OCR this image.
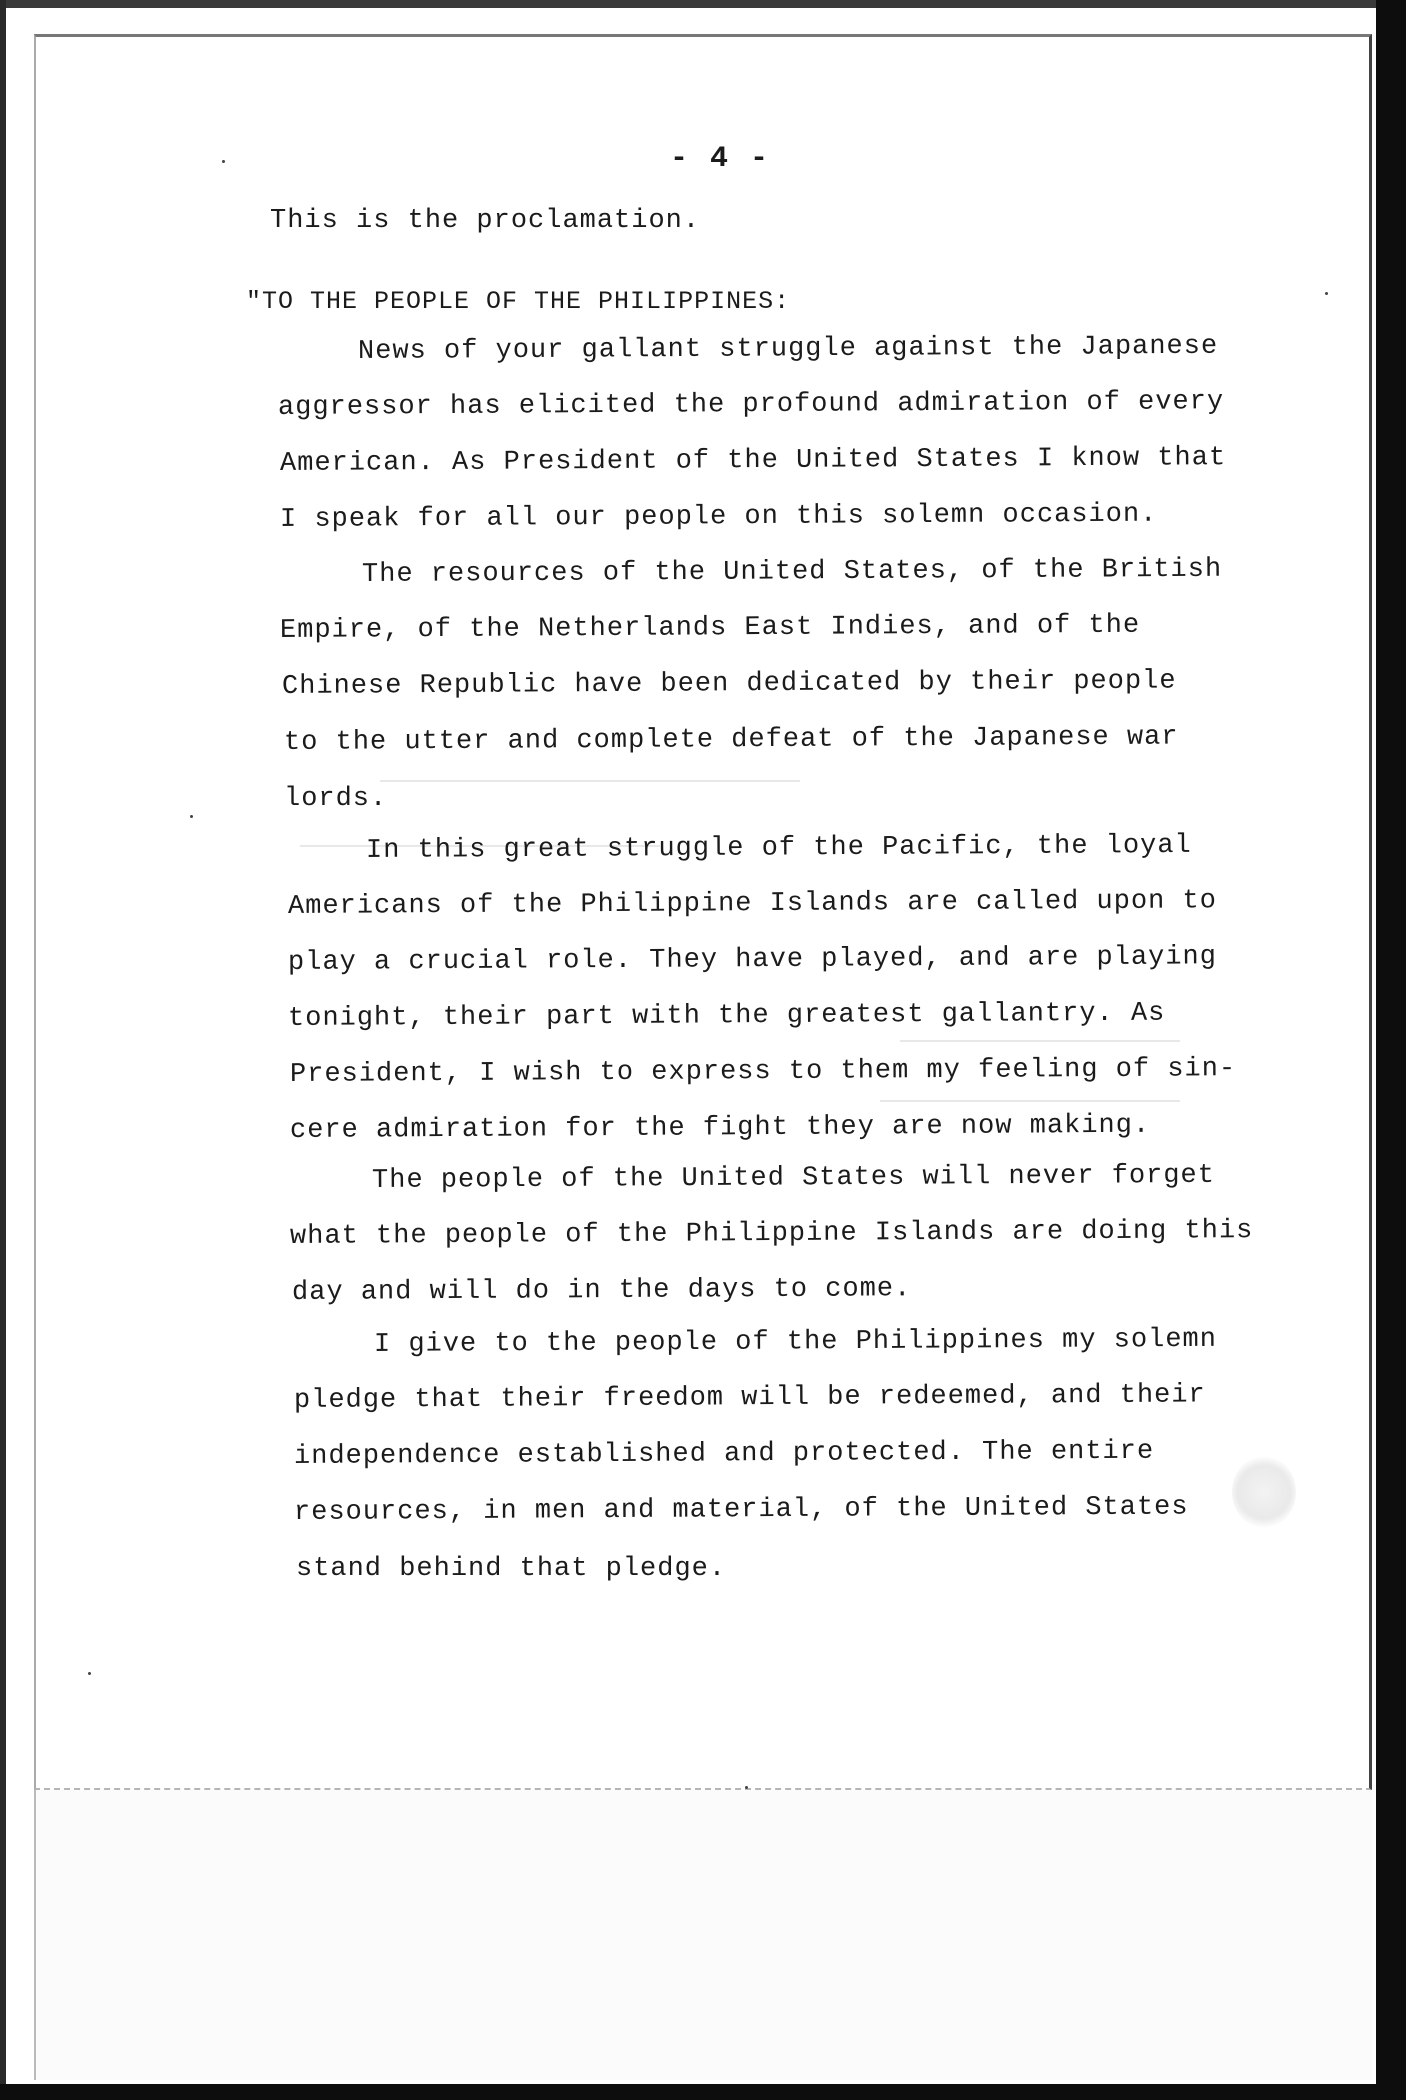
- 4 -
This is the proclamation.
"TO THE PEOPLE OF THE PHILIPPINES:
News of your gallant struggle against the Japanese
aggressor has elicited the profound admiration of every
American. As President of the United States I know that
I speak for all our people on this solemn occasion.
The resources of the United States, of the British
Empire, of the Netherlands East Indies, and of the
Chinese Republic have been dedicated by their people
to the utter and complete defeat of the Japanese war
lords.
In this great struggle of the Pacific, the loyal
Americans of the Philippine Islands are called upon to
play a crucial role. They have played, and are playing
tonight, their part with the greatest gallantry. As
President, I wish to express to them my feeling of sin-
cere admiration for the fight they are now making.
The people of the United States will never forget
what the people of the Philippine Islands are doing this
day and will do in the days to come.
I give to the people of the Philippines my solemn
pledge that their freedom will be redeemed, and their
independence established and protected. The entire
resources, in men and material, of the United States
stand behind that pledge.
